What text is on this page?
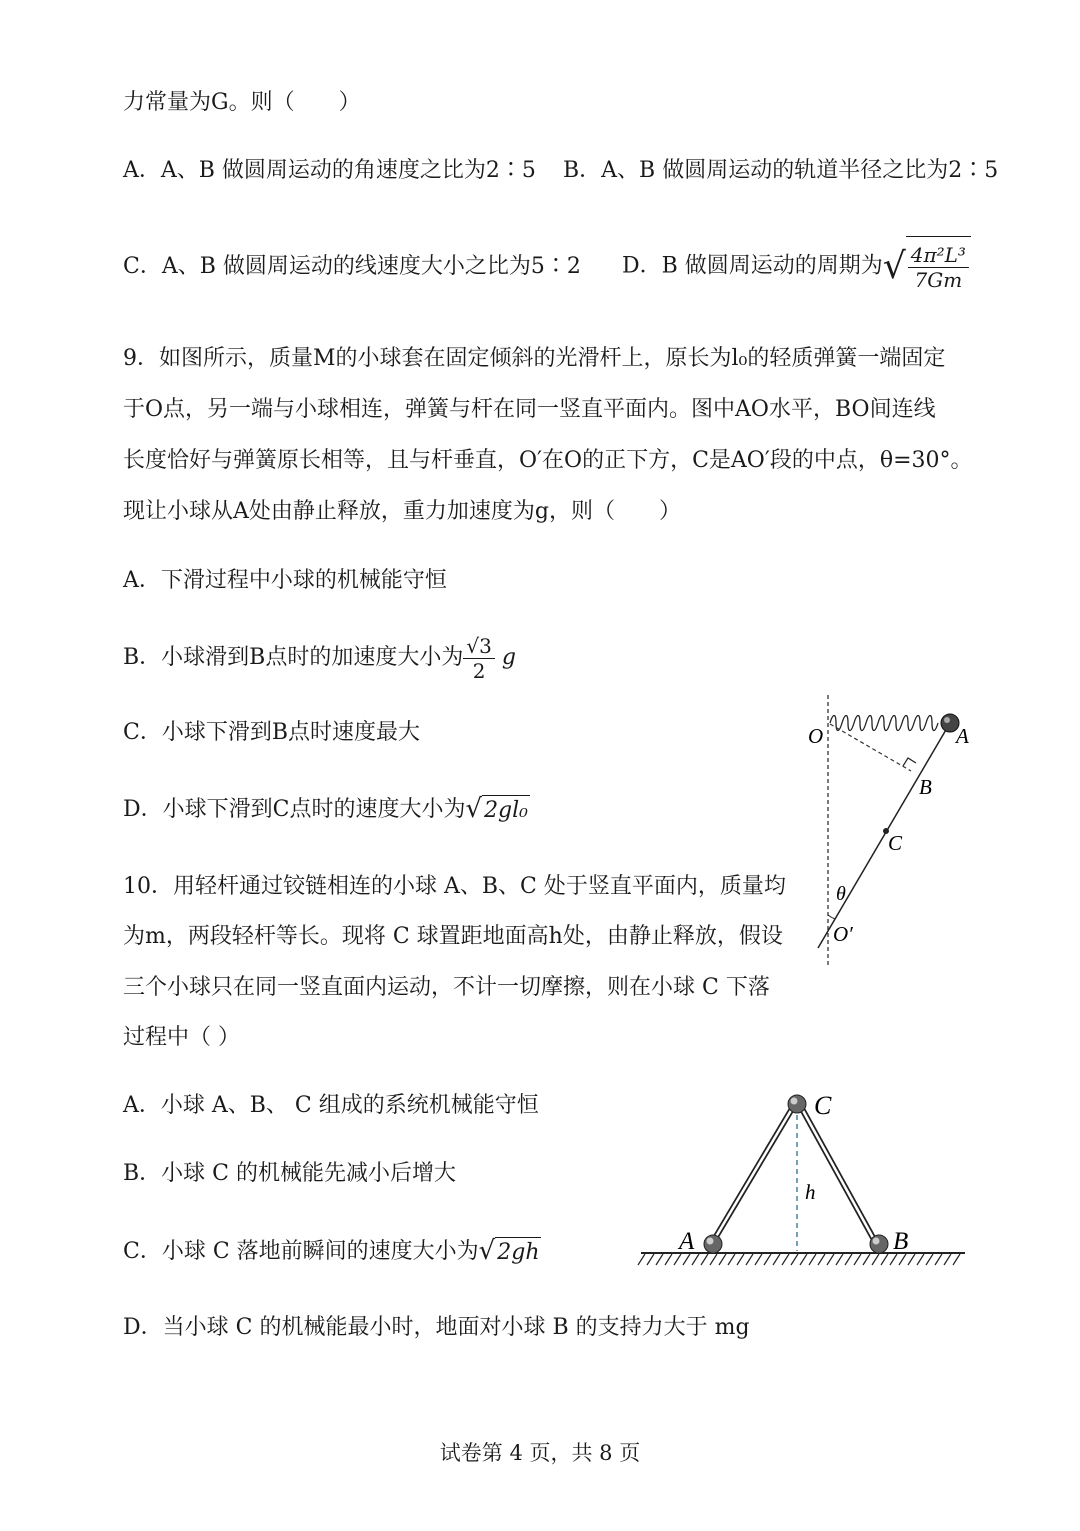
力常量为G。则（　　）
A．A、B 做圆周运动的角速度之比为2∶5 B．A、B 做圆周运动的轨道半径之比为2∶5
C．A、B 做圆周运动的线速度大小之比为5∶2 D．B 做圆周运动的周期为√ $\frac{\text{4π²L³}}{7Gm}$
9．如图所示，质量M的小球套在固定倾斜的光滑杆上，原长为l₀的轻质弹簧一端固定
于O点，另一端与小球相连，弹簧与杆在同一竖直平面内。图中AO水平，BO间连线
长度恰好与弹簧原长相等，且与杆垂直，O′在O的正下方，C是AO′段的中点，θ=30°。
现让小球从A处由静止释放，重力加速度为g，则（　　）
A．下滑过程中小球的机械能守恒
B．小球滑到B点时的加速度大小为 $\frac{√3}{2}$ g
C．小球下滑到B点时速度最大
D．小球下滑到C点时的速度大小为√2gl₀
O	A
B
C
θ
O′
10．用轻杆通过铰链相连的小球 A、B、C 处于竖直平面内，质量均
为m，两段轻杆等长。现将 C 球置距地面高h处，由静止释放，假设
三个小球只在同一竖直面内运动，不计一切摩擦，则在小球 C 下落
过程中（ ）
A．小球 A、B、 C 组成的系统机械能守恒
B．小球 C 的机械能先减小后增大
C．小球 C 落地前瞬间的速度大小为√2gh
D．当小球 C 的机械能最小时，地面对小球 B 的支持力大于 mg
C
h
A	B
试卷第 4 页，共 8 页
